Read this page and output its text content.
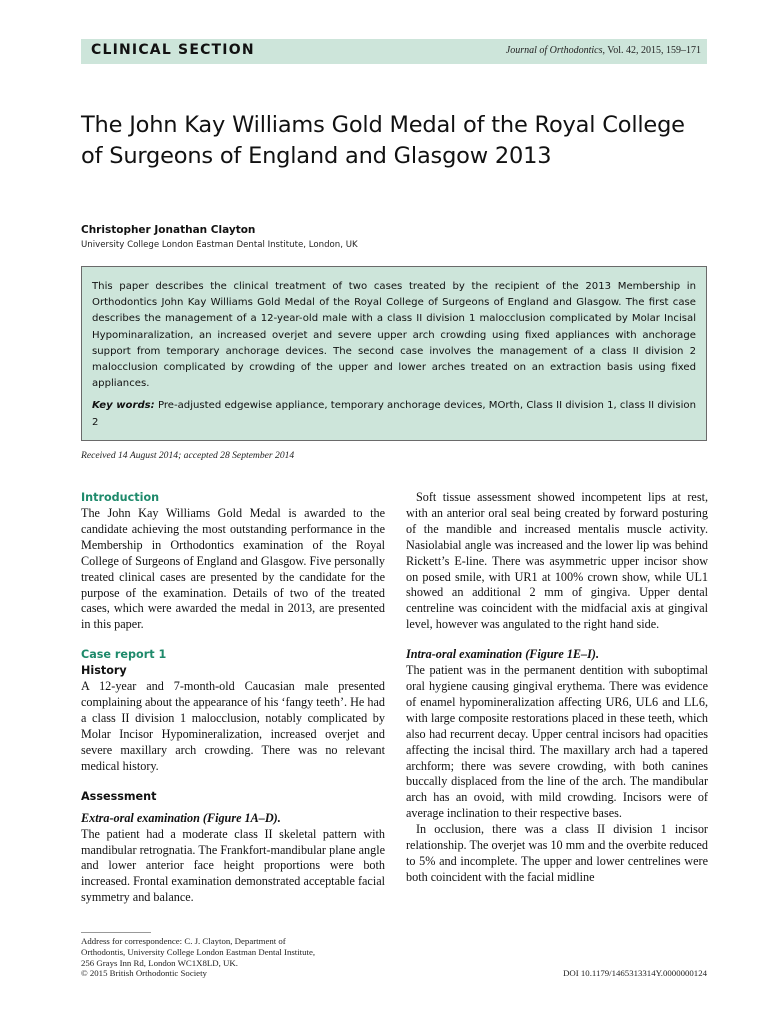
CLINICAL SECTION	Journal of Orthodontics, Vol. 42, 2015, 159–171
The John Kay Williams Gold Medal of the Royal College of Surgeons of England and Glasgow 2013

Christopher Jonathan Clayton

University College London Eastman Dental Institute, London, UK

This paper describes the clinical treatment of two cases treated by the recipient of the 2013 Membership in Orthodontics John Kay Williams Gold Medal of the Royal College of Surgeons of England and Glasgow. The first case describes the management of a 12-year-old male with a class II division 1 malocclusion complicated by Molar Incisal Hypominaralization, an increased overjet and severe upper arch crowding using fixed appliances with anchorage support from temporary anchorage devices. The second case involves the management of a class II division 2 malocclusion complicated by crowding of the upper and lower arches treated on an extraction basis using fixed appliances.

Key words: Pre-adjusted edgewise appliance, temporary anchorage devices, MOrth, Class II division 1, class II division 2

Received 14 August 2014; accepted 28 September 2014

Introduction

The John Kay Williams Gold Medal is awarded to the candidate achieving the most outstanding performance in the Membership in Orthodontics examination of the Royal College of Surgeons of England and Glasgow. Five personally treated clinical cases are presented by the candidate for the purpose of the examination. Details of two of the treated cases, which were awarded the medal in 2013, are presented in this paper.

Case report 1
History

A 12-year and 7-month-old Caucasian male presented complaining about the appearance of his ‘fangy teeth’. He had a class II division 1 malocclusion, notably complicated by Molar Incisor Hypomineralization, increased overjet and severe maxillary arch crowding. There was no relevant medical history.

Assessment
Extra-oral examination (Figure 1A–D).

The patient had a moderate class II skeletal pattern with mandibular retrognatia. The Frankfort-mandibular plane angle and lower anterior face height proportions were both increased. Frontal examination demonstrated acceptable facial symmetry and balance.

Soft tissue assessment showed incompetent lips at rest, with an anterior oral seal being created by forward posturing of the mandible and increased mentalis muscle activity. Nasiolabial angle was increased and the lower lip was behind Rickett’s E-line. There was asymmetric upper incisor show on posed smile, with UR1 at 100% crown show, while UL1 showed an additional 2 mm of gingiva. Upper dental centreline was coincident with the midfacial axis at gingival level, however was angulated to the right hand side.

Intra-oral examination (Figure 1E–I).

The patient was in the permanent dentition with suboptimal oral hygiene causing gingival erythema. There was evidence of enamel hypomineralization affecting UR6, UL6 and LL6, with large composite restorations placed in these teeth, which also had recurrent decay. Upper central incisors had opacities affecting the incisal third. The maxillary arch had a tapered archform; there was severe crowding, with both canines buccally displaced from the line of the arch. The mandibular arch has an ovoid, with mild crowding. Incisors were of average inclination to their respective bases.

In occlusion, there was a class II division 1 incisor relationship. The overjet was 10 mm and the overbite reduced to 5% and incomplete. The upper and lower centrelines were both coincident with the facial midline

Address for correspondence: C. J. Clayton, Department of
Orthodontis, University College London Eastman Dental Institute,
256 Grays Inn Rd, London WC1X8LD, UK.
© 2015 British Orthodontic Society	DOI 10.1179/1465313314Y.0000000124
